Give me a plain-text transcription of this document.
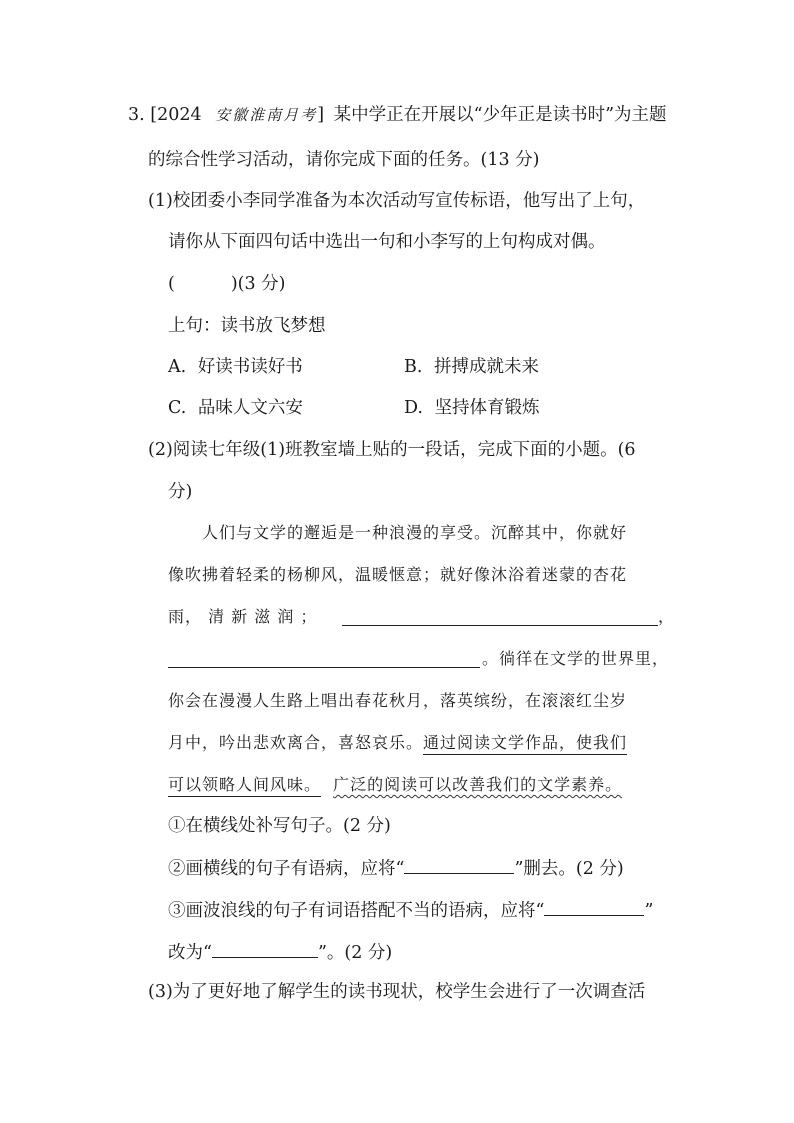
3. [2024 安徽淮南月考] 某中学正在开展以“少年正是读书时”为主题
的综合性学习活动，请你完成下面的任务。(13 分)
(1)校团委小李同学准备为本次活动写宣传标语，他写出了上句，
请你从下面四句话中选出一句和小李写的上句构成对偶。
(	)(3 分)
上句：读书放飞梦想
A. 好读书读好书	B. 拼搏成就未来
C. 品味人文六安	D. 坚持体育锻炼
(2)阅读七年级(1)班教室墙上贴的一段话，完成下面的小题。(6
分)
人们与文学的邂逅是一种浪漫的享受。沉醉其中，你就好
像吹拂着轻柔的杨柳风，温暖惬意；就好像沐浴着迷蒙的杏花
雨， 清 新 滋 润 ；	，
。徜徉在文学的世界里，
你会在漫漫人生路上唱出春花秋月，落英缤纷，在滚滚红尘岁
月中，吟出悲欢离合，喜怒哀乐。通过阅读文学作品，使我们
可以领略人间风味。 广泛的阅读可以改善我们的文学素养。
①在横线处补写句子。(2 分)
②画横线的句子有语病，应将“	”删去。(2 分)
③画波浪线的句子有词语搭配不当的语病，应将“	”
改为“	”。(2 分)
(3)为了更好地了解学生的读书现状，校学生会进行了一次调查活
